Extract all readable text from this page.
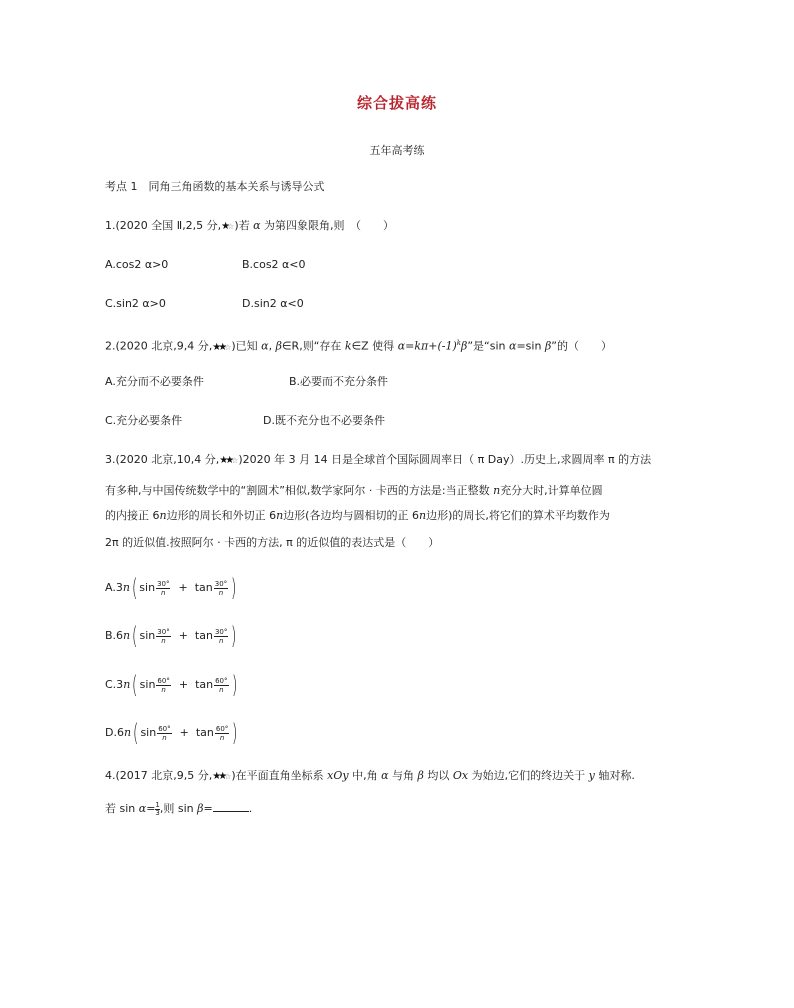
综合拔高练
五年高考练
考点 1　同角三角函数的基本关系与诱导公式
1.(2020 全国 Ⅱ,2,5 分,★☆ )若 α 为第四象限角,则　（　　）
A.cos2 α>0	B.cos2 α<0
C.sin2 α>0	D.sin2 α<0
2.(2020 北京,9,4 分,★★☆ )已知 α, β∈R,则“存在 k∈Z 使得 $\alpha=k\pi+(-1)^k\beta$”是“sin α=sin β”的（　　）
A.充分而不必要条件	B.必要而不充分条件
C.充分必要条件	D.既不充分也不必要条件
3.(2020 北京,10,4 分,★★☆ )2020 年 3 月 14 日是全球首个国际圆周率日（ π Day）.历史上,求圆周率 π 的方法
有多种,与中国传统数学中的“割圆术”相似,数学家阿尔 · 卡西的方法是:当正整数 n充分大时,计算单位圆
的内接正 6n边形的周长和外切正 6n边形(各边均与圆相切的正 6n边形)的周长,将它们的算术平均数作为
2π 的近似值.按照阿尔 · 卡西的方法, π 的近似值的表达式是（　　）
A.3n( $\sin \frac{30^\circ}{n} + \tan \frac{30^\circ}{n}$ )
B.6n( $\sin \frac{30^\circ}{n} + \tan \frac{30^\circ}{n}$ )
C.3n( $\sin \frac{60^\circ}{n} + \tan \frac{60^\circ}{n}$ )
D.6n( $\sin \frac{60^\circ}{n} + \tan \frac{60^\circ}{n}$ )
4.(2017 北京,9,5 分,★★☆ )在平面直角坐标系 xOy 中,角 α 与角 β 均以 Ox 为始边,它们的终边关于 y 轴对称.
若 $\sin \alpha= \frac{1}{3}$,则 sin β=	.
